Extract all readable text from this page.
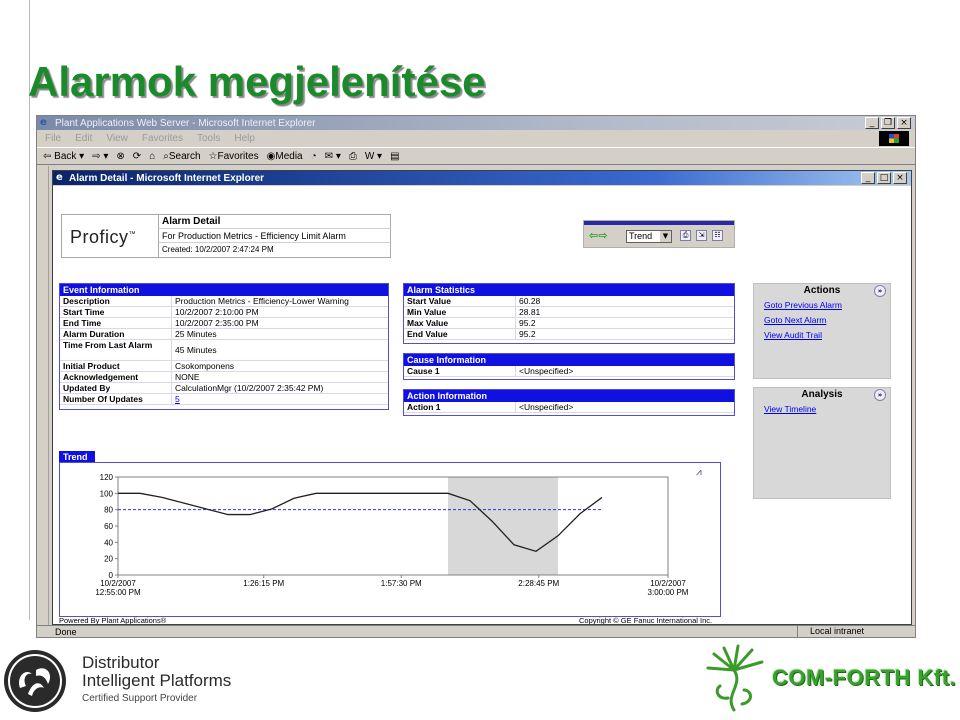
Alarmok megjelenítése
e Plant Applications Web Server - Microsoft Internet Explorer	_	❐ ×
File Edit View Favorites Tools Help
⇦ Back ▾ ⇨ ▾ ⊗ ⟳ ⌂ ⌕Search ☆Favorites ◉Media ◔ ✉ ▾ ⎙ W ▾ ▤
Done	Local intranet
e Alarm Detail - Microsoft Internet Explorer	_	□ ×
Proficy™
Alarm Detail
For Production Metrics - Efficiency Limit Alarm
Created: 10/2/2007 2:47:24 PM
⇦⇨	Trend	▼	⎙	⇲	☷
Event Information
Description	Production Metrics - Efficiency-Lower Warning
Start Time	10/2/2007 2:10:00 PM
End Time	10/2/2007 2:35:00 PM
Alarm Duration	25 Minutes
Time From Last Alarm	45 Minutes
Initial Product	Csokomponens
Acknowledgement	NONE
Updated By	CalculationMgr (10/2/2007 2:35:42 PM)
Number Of Updates	5
Alarm Statistics
Start Value	60.28
Min Value	28.81
Max Value	95.2
End Value	95.2
Cause Information
Cause 1	<Unspecified>
Action Information
Action 1	<Unspecified>
Actions	»
Goto Previous Alarm
Goto Next Alarm
View Audit Trail
Analysis	»
View Timeline
Trend
0
20
40
60
80
100
120
10/2/2007
12:55:00 PM
1:26:15 PM	1:57:30 PM	2:28:45 PM	10/2/2007
3:00:00 PM
⩘
Powered By Plant Applications®	Copyright © GE Fanuc International Inc.
Distributor
Intelligent Platforms
Certified Support Provider
COM-FORTH Kft.
